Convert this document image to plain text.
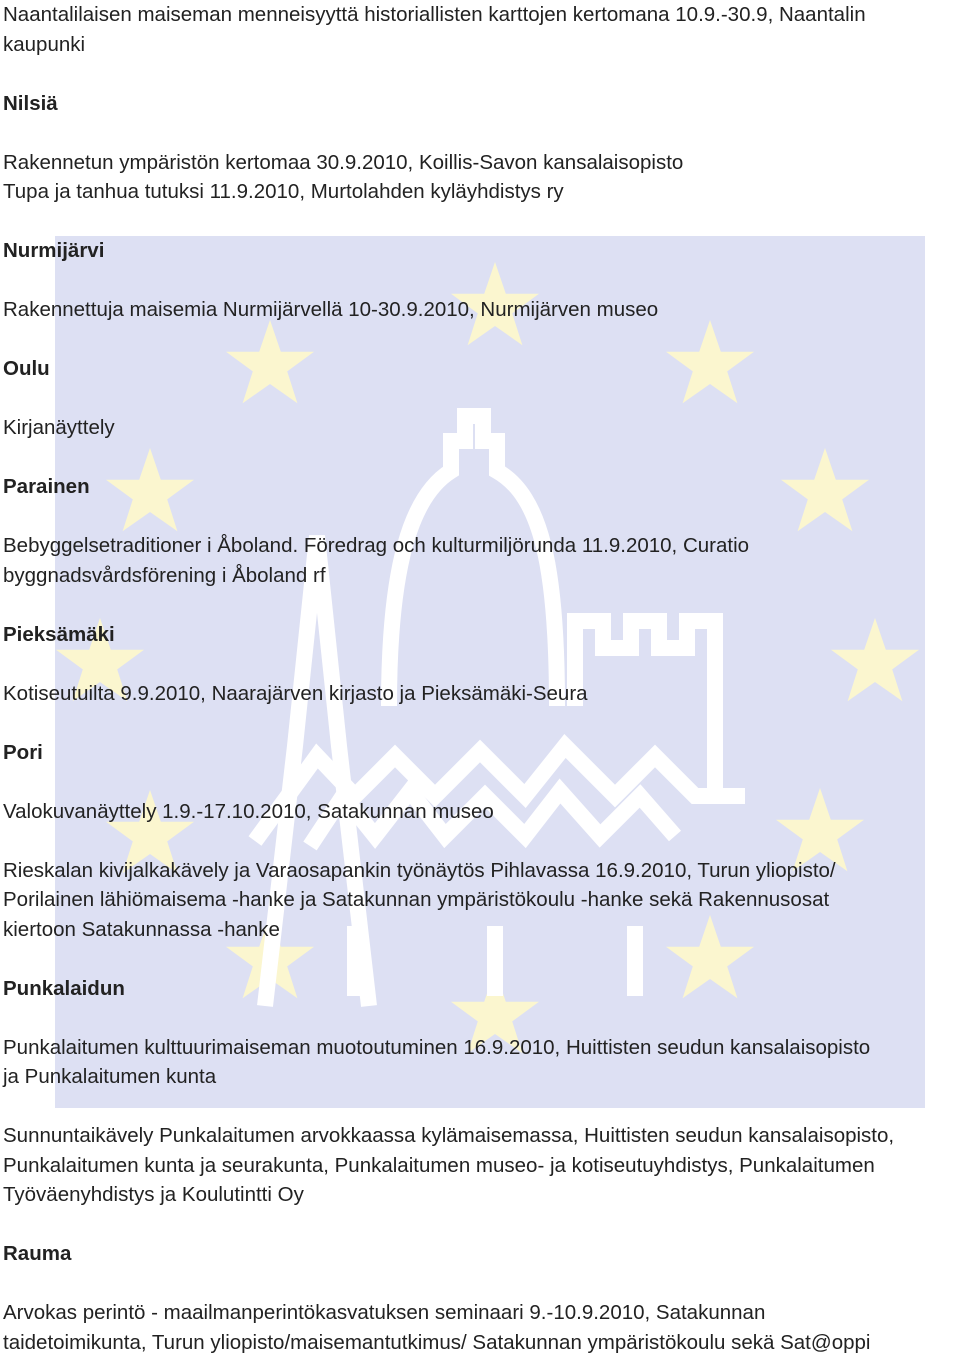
Naantalilaisen maiseman menneisyyttä historiallisten karttojen kertomana 10.9.-30.9, Naantalin
kaupunki

Nilsiä

Rakennetun ympäristön kertomaa 30.9.2010, Koillis-Savon kansalaisopisto
Tupa ja tanhua tutuksi 11.9.2010, Murtolahden kyläyhdistys ry

Nurmijärvi

Rakennettuja maisemia Nurmijärvellä 10-30.9.2010, Nurmijärven museo

Oulu

Kirjanäyttely

Parainen

Bebyggelsetraditioner i Åboland. Föredrag och kulturmiljörunda 11.9.2010, Curatio
byggnadsvårdsförening i Åboland rf

Pieksämäki

Kotiseutuilta 9.9.2010, Naarajärven kirjasto ja Pieksämäki-Seura

Pori

Valokuvanäyttely 1.9.-17.10.2010, Satakunnan museo

Rieskalan kivijalkakävely ja Varaosapankin työnäytös Pihlavassa 16.9.2010, Turun yliopisto/
Porilainen lähiömaisema -hanke ja Satakunnan ympäristökoulu -hanke sekä Rakennusosat
kiertoon Satakunnassa -hanke

Punkalaidun

Punkalaitumen kulttuurimaiseman muotoutuminen 16.9.2010, Huittisten seudun kansalaisopisto
ja Punkalaitumen kunta

Sunnuntaikävely Punkalaitumen arvokkaassa kylämaisemassa, Huittisten seudun kansalaisopisto,
Punkalaitumen kunta ja seurakunta, Punkalaitumen museo- ja kotiseutuyhdistys, Punkalaitumen
Työväenyhdistys ja Koulutintti Oy

Rauma

Arvokas perintö - maailmanperintökasvatuksen seminaari 9.-10.9.2010, Satakunnan
taidetoimikunta, Turun yliopisto/maisemantutkimus/ Satakunnan ympäristökoulu sekä Sat@oppi
